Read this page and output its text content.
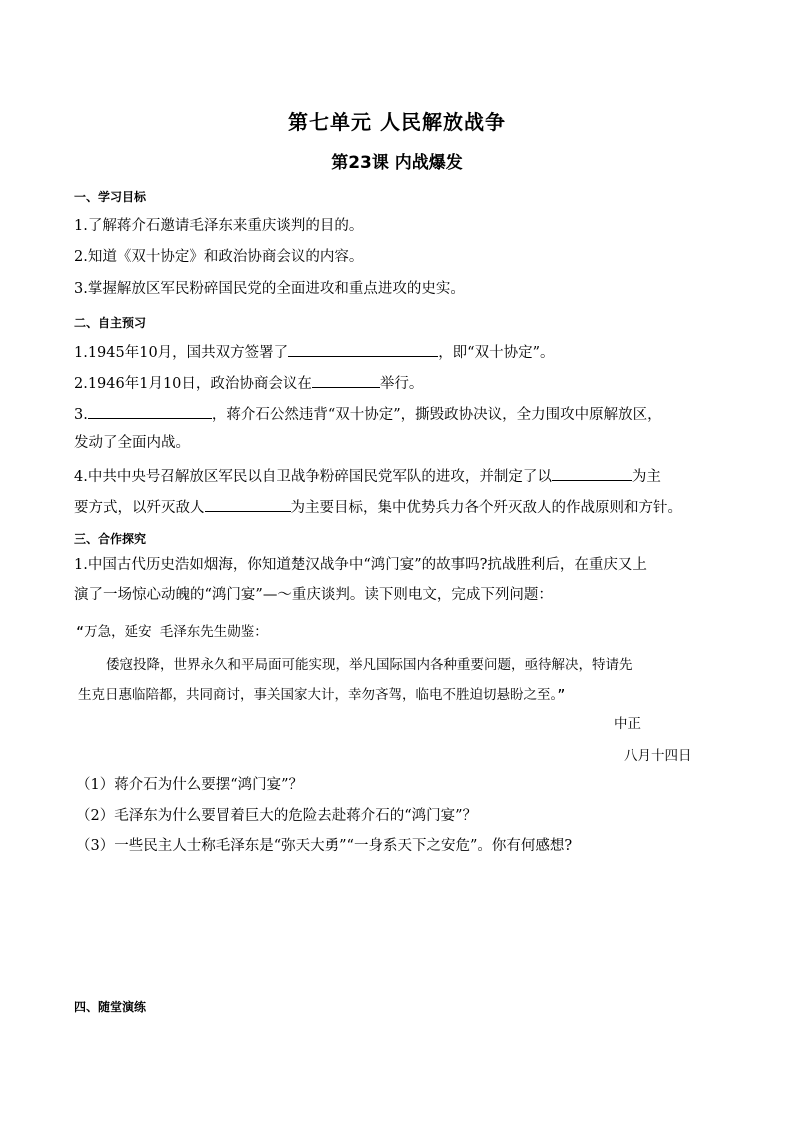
第七单元 人民解放战争
第23课 内战爆发
一、学习目标
1.了解蒋介石邀请毛泽东来重庆谈判的目的。
2.知道《双十协定》和政治协商会议的内容。
3.掌握解放区军民粉碎国民党的全面进攻和重点进攻的史实。
二、自主预习
1.1945年10月，国共双方签署了	，即“双十协定”。
2.1946年1月10日，政治协商会议在	举行。
3.	，蒋介石公然违背“双十协定”，撕毁政协决议，全力围攻中原解放区，
发动了全面内战。
4.中共中央号召解放区军民以自卫战争粉碎国民党军队的进攻，并制定了以	为主
要方式，以歼灭敌人	为主要目标，集中优势兵力各个歼灭敌人的作战原则和方针。
三、合作探究
1.中国古代历史浩如烟海，你知道楚汉战争中“鸿门宴”的故事吗?抗战胜利后，在重庆又上
演了一场惊心动魄的“鸿门宴”—～重庆谈判。读下则电文，完成下列问题：
“万急，延安 毛泽东先生勋鉴：
倭寇投降，世界永久和平局面可能实现，举凡国际国内各种重要问题，亟待解决，特请先
生克日惠临陪都，共同商讨，事关国家大计，幸勿吝驾，临电不胜迫切悬盼之至。”
中正
八月十四日
（1）蒋介石为什么要摆“鸿门宴”？
（2）毛泽东为什么要冒着巨大的危险去赴蒋介石的“鸿门宴”？
（3）一些民主人士称毛泽东是“弥天大勇”“一身系天下之安危”。你有何感想?
四、随堂演练
